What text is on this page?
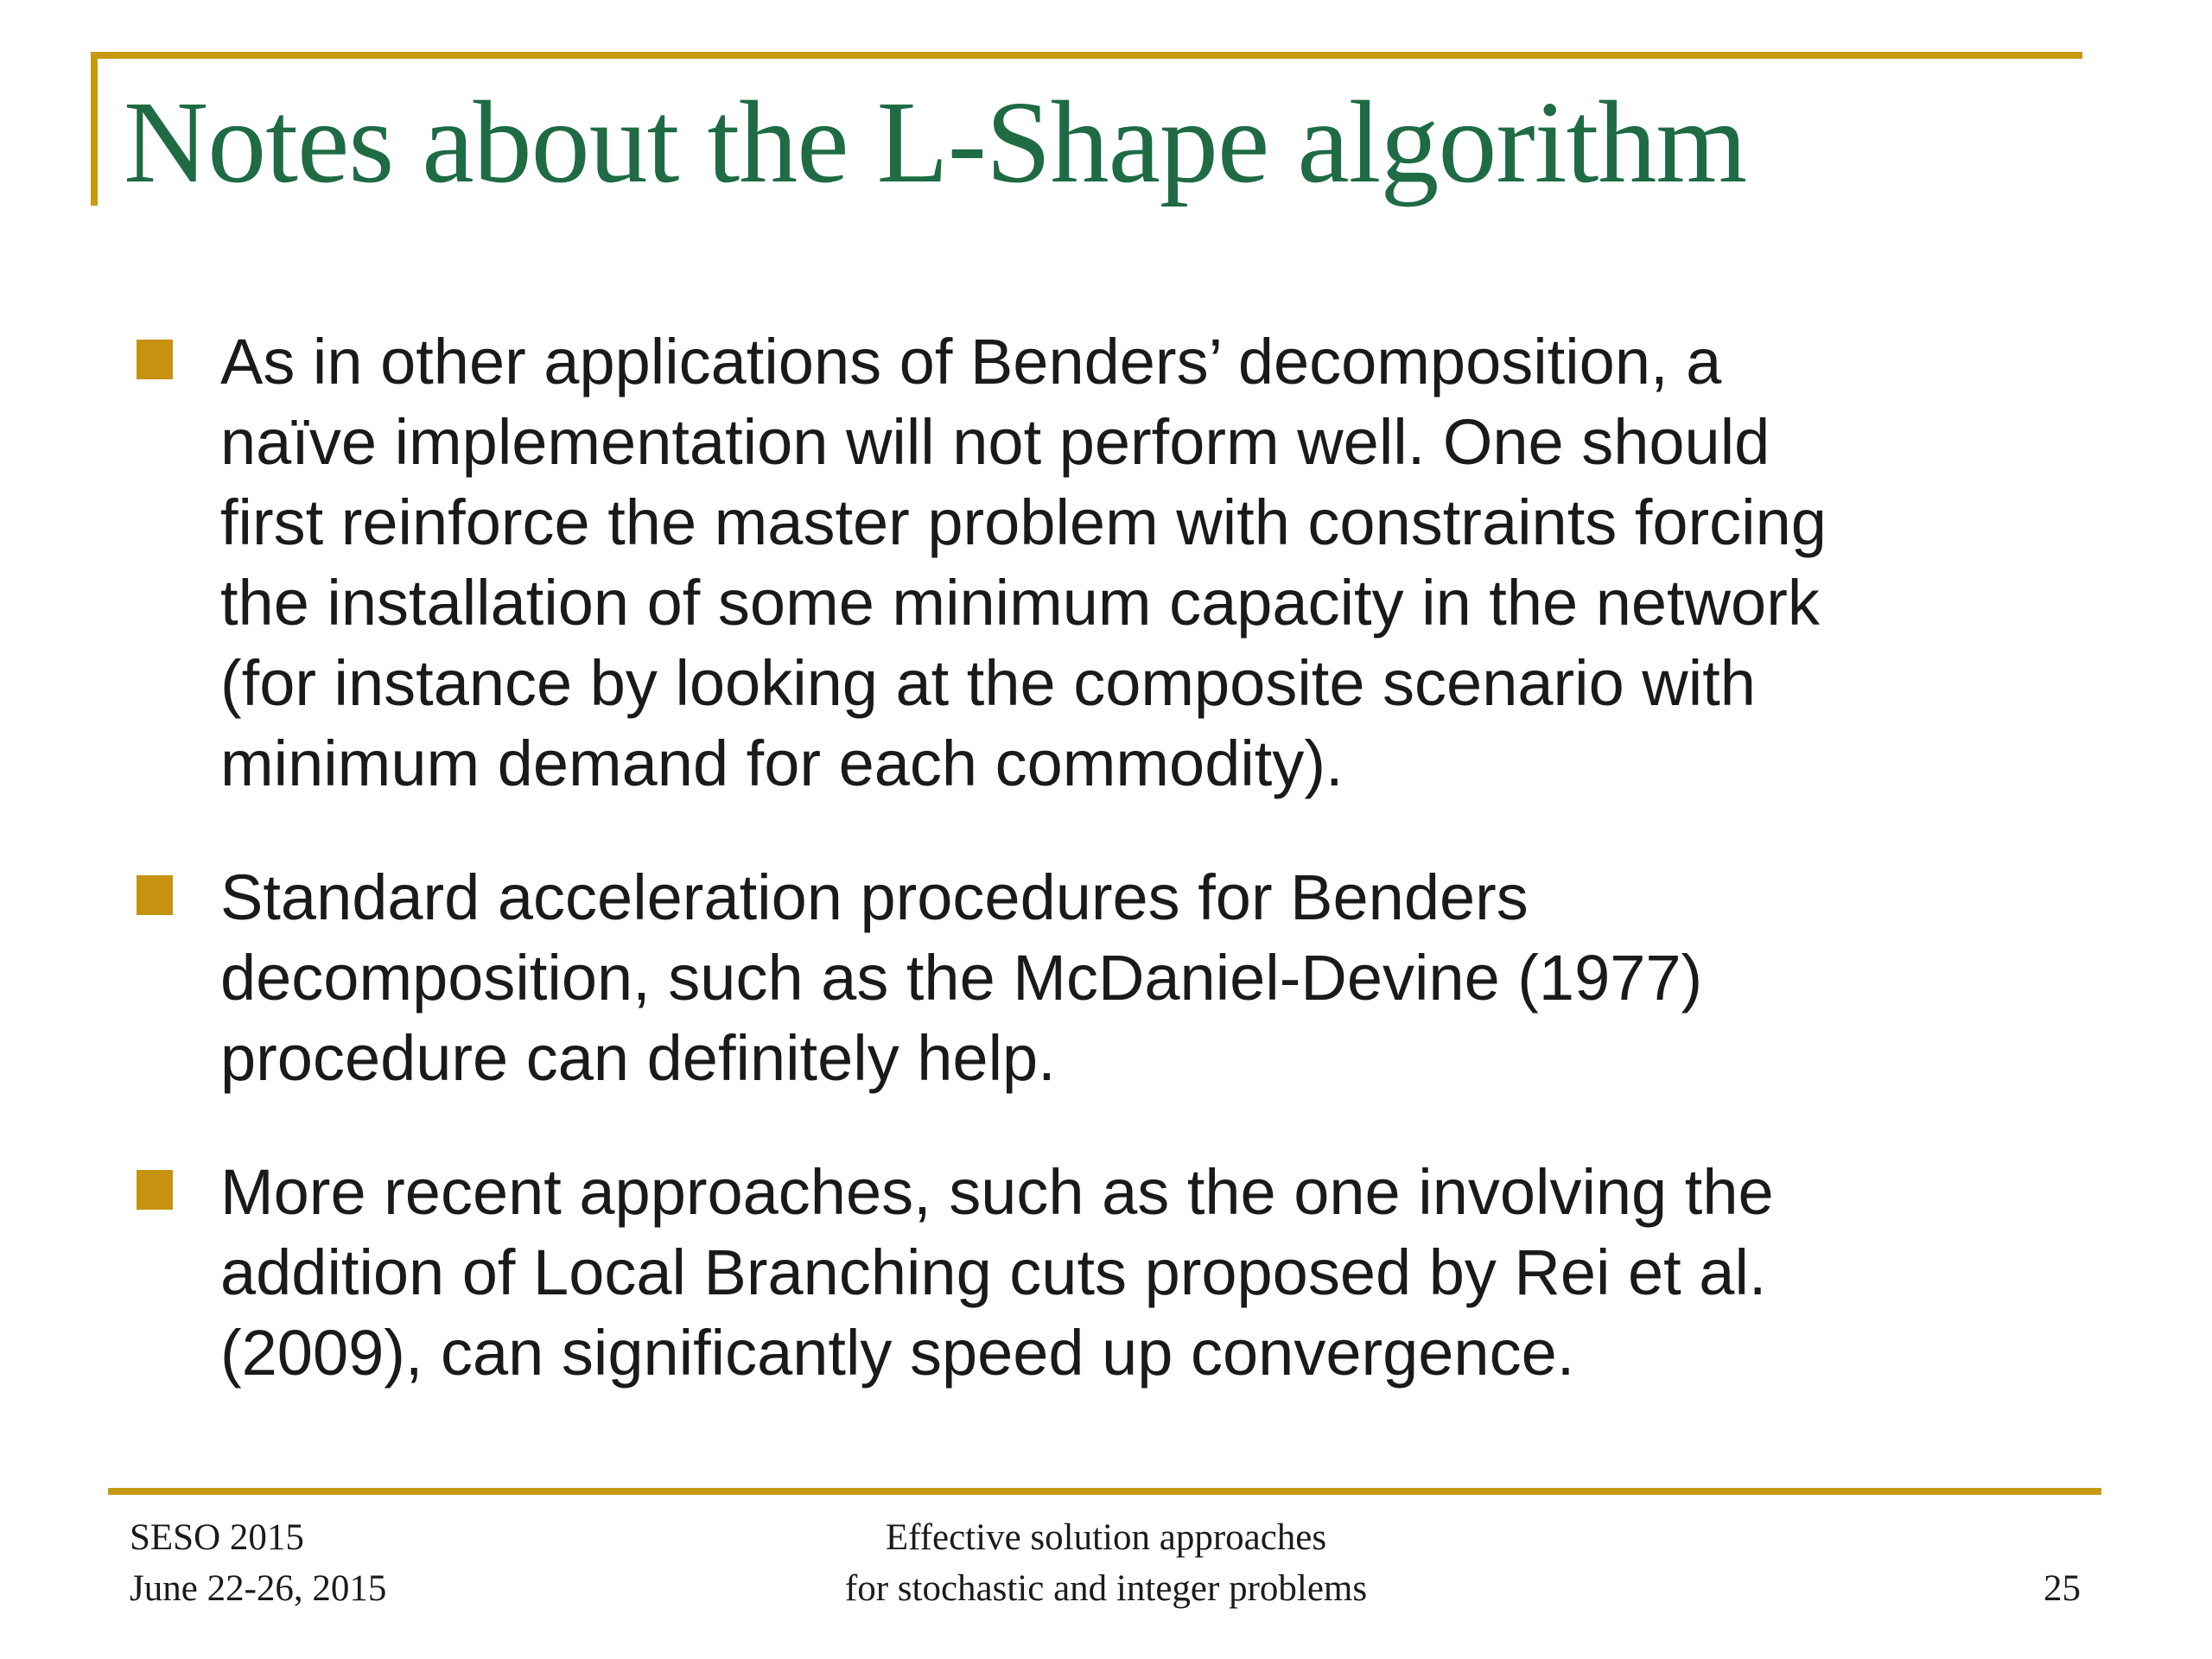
Notes about the L-Shape algorithm
As in other applications of Benders’ decomposition, a
naïve implementation will not perform well. One should
first reinforce the master problem with constraints forcing
the installation of some minimum capacity in the network
(for instance by looking at the composite scenario with
minimum demand for each commodity).
Standard acceleration procedures for Benders
decomposition, such as the McDaniel-Devine (1977)
procedure can definitely help.
More recent approaches, such as the one involving the
addition of Local Branching cuts proposed by Rei et al.
(2009), can significantly speed up convergence.
SESO 2015
June 22-26, 2015
Effective solution approaches
for stochastic and integer problems	25
